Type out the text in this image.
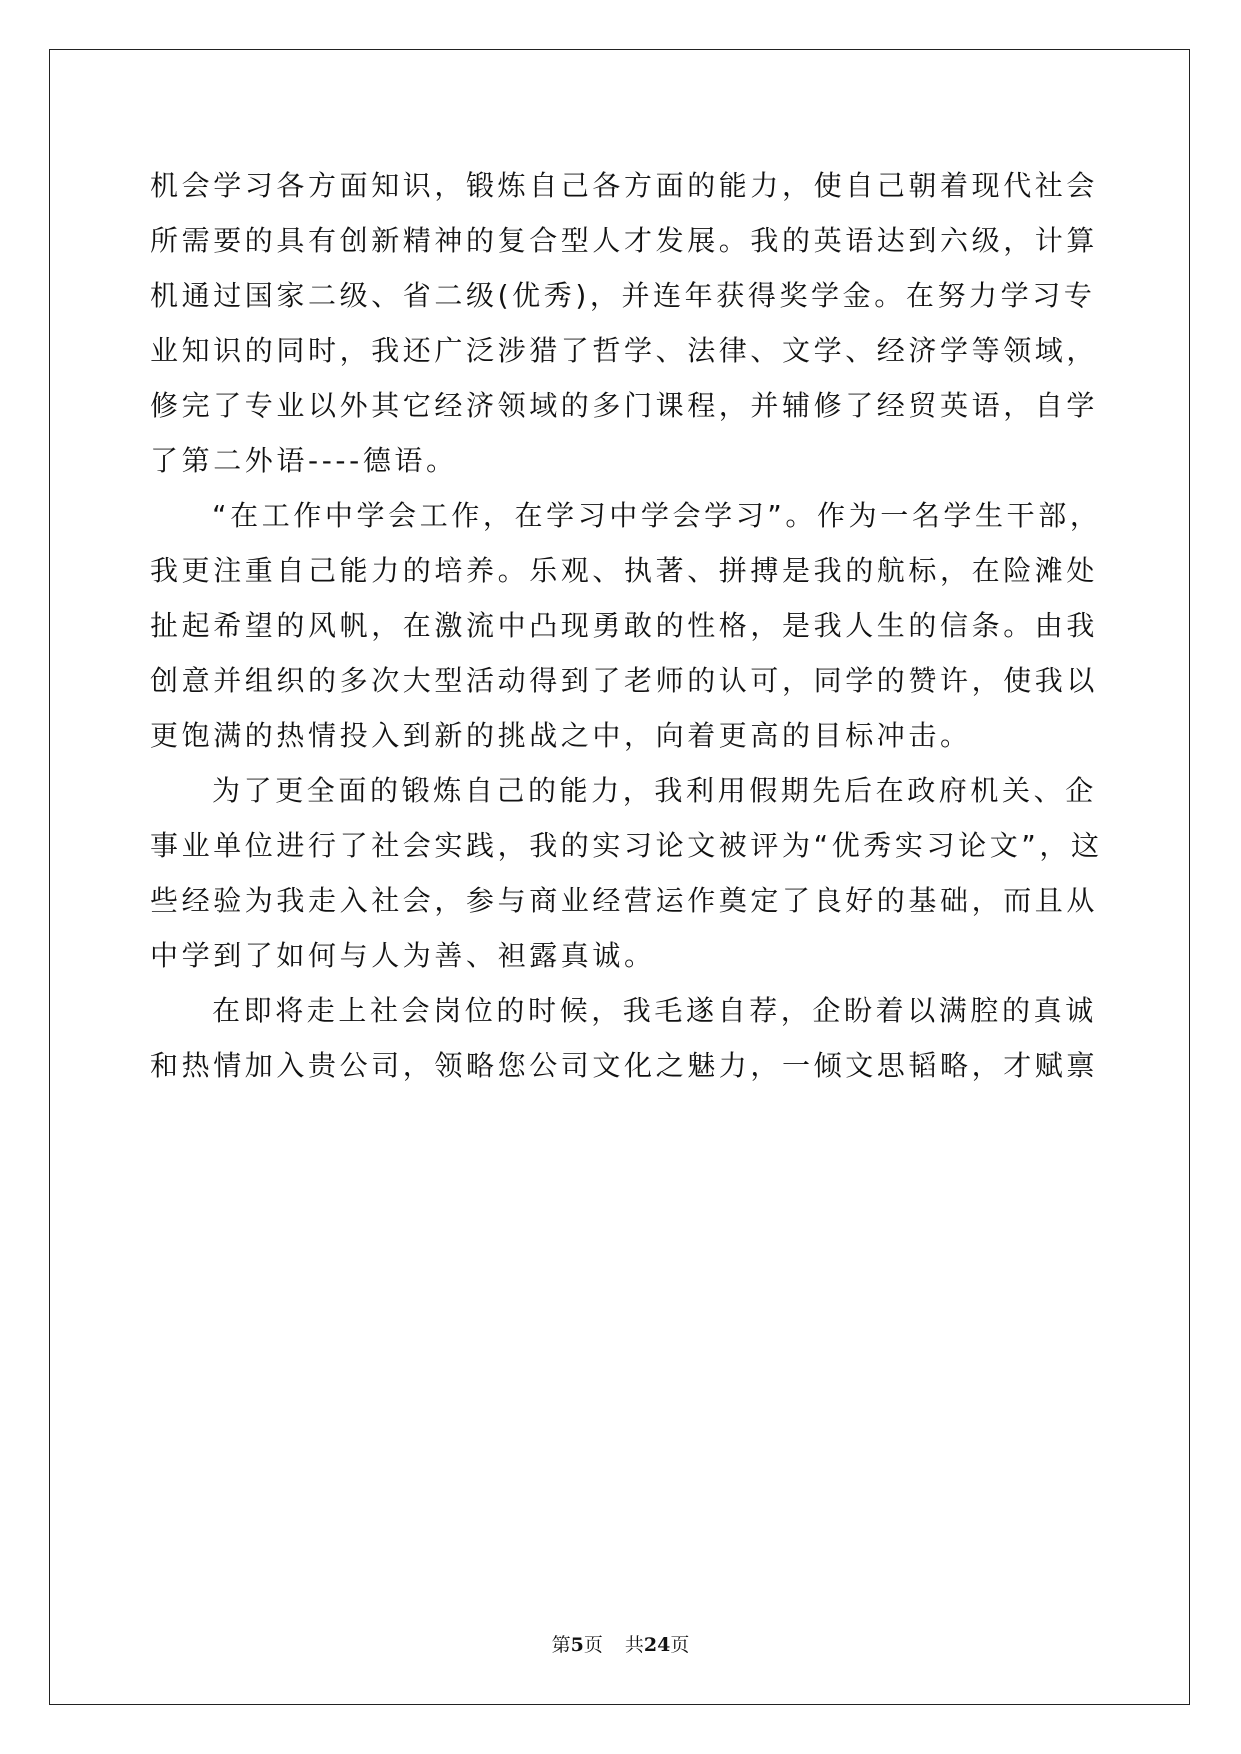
机会学习各方面知识，锻炼自己各方面的能力，使自己朝着现代社会

所需要的具有创新精神的复合型人才发展。我的英语达到六级，计算

机通过国家二级、省二级(优秀)，并连年获得奖学金。在努力学习专

业知识的同时，我还广泛涉猎了哲学、法律、文学、经济学等领域，

修完了专业以外其它经济领域的多门课程，并辅修了经贸英语，自学

了第二外语----德语。

“在工作中学会工作，在学习中学会学习”。作为一名学生干部，

我更注重自己能力的培养。乐观、执著、拼搏是我的航标，在险滩处

扯起希望的风帆，在激流中凸现勇敢的性格，是我人生的信条。由我

创意并组织的多次大型活动得到了老师的认可，同学的赞许，使我以

更饱满的热情投入到新的挑战之中，向着更高的目标冲击。

为了更全面的锻炼自己的能力，我利用假期先后在政府机关、企

事业单位进行了社会实践，我的实习论文被评为“优秀实习论文”，这

些经验为我走入社会，参与商业经营运作奠定了良好的基础，而且从

中学到了如何与人为善、袒露真诚。

在即将走上社会岗位的时候，我毛遂自荐，企盼着以满腔的真诚

和热情加入贵公司，领略您公司文化之魅力，一倾文思韬略，才赋禀

第5页 共24页
